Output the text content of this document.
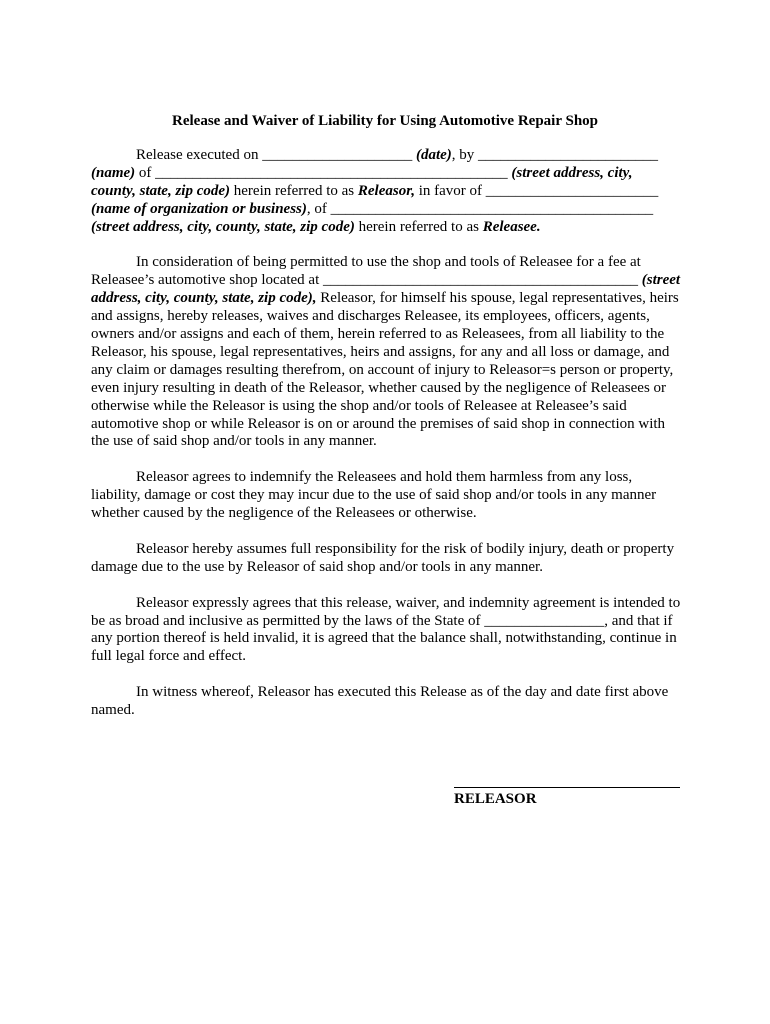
Release and Waiver of Liability for Using Automotive Repair Shop

Release executed on ____________________ (date), by ________________________ (name) of _______________________________________________ (street address, city, county, state, zip code) herein referred to as Releasor, in favor of _______________________ (name of organization or business), of ___________________________________________ (street address, city, county, state, zip code) herein referred to as Releasee.

In consideration of being permitted to use the shop and tools of Releasee for a fee at Releasee’s automotive shop located at __________________________________________ (street address, city, county, state, zip code), Releasor, for himself his spouse, legal representatives, heirs and assigns, hereby releases, waives and discharges Releasee, its employees, officers, agents, owners and/or assigns and each of them, herein referred to as Releasees, from all liability to the Releasor, his spouse, legal representatives, heirs and assigns, for any and all loss or damage, and any claim or damages resulting therefrom, on account of injury to Releasor=s person or property, even injury resulting in death of the Releasor, whether caused by the negligence of Releasees or otherwise while the Releasor is using the shop and/or tools of Releasee at Releasee’s said automotive shop or while Releasor is on or around the premises of said shop in connection with the use of said shop and/or tools in any manner.

Releasor agrees to indemnify the Releasees and hold them harmless from any loss, liability, damage or cost they may incur due to the use of said shop and/or tools in any manner whether caused by the negligence of the Releasees or otherwise.

Releasor hereby assumes full responsibility for the risk of bodily injury, death or property damage due to the use by Releasor of said shop and/or tools in any manner.

Releasor expressly agrees that this release, waiver, and indemnity agreement is intended to be as broad and inclusive as permitted by the laws of the State of ________________, and that if any portion thereof is held invalid, it is agreed that the balance shall, notwithstanding, continue in full legal force and effect.

In witness whereof, Releasor has executed this Release as of the day and date first above named.

RELEASOR
